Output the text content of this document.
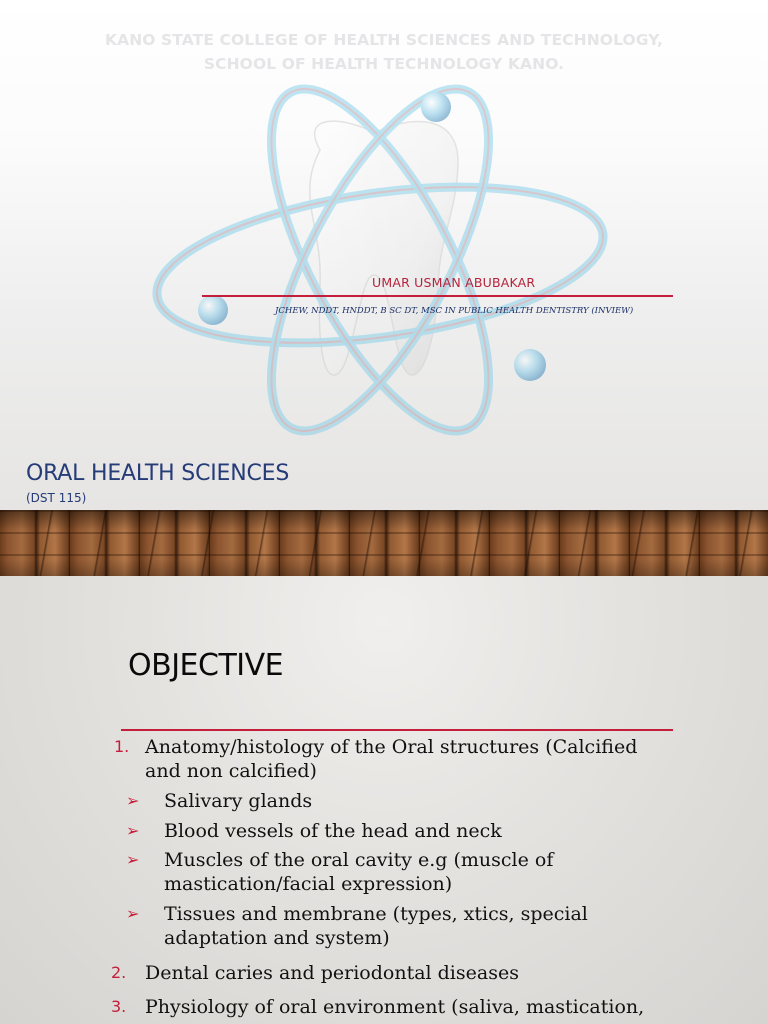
KANO STATE COLLEGE OF HEALTH SCIENCES AND TECHNOLOGY,
SCHOOL OF HEALTH TECHNOLOGY KANO.
UMAR USMAN ABUBAKAR
JCHEW, NDDT, HNDDT, B SC DT, MSC IN PUBLIC HEALTH DENTISTRY (INVIEW)
ORAL HEALTH SCIENCES
(DST 115)
OBJECTIVE
1. Anatomy/histology of the Oral structures (Calcified
and non calcified)
➢ Salivary glands
➢ Blood vessels of the head and neck
➢ Muscles of the oral cavity e.g (muscle of
mastication/facial expression)
➢ Tissues and membrane (types, xtics, special
adaptation and system)
2. Dental caries and periodontal diseases
3. Physiology of oral environment (saliva, mastication,
